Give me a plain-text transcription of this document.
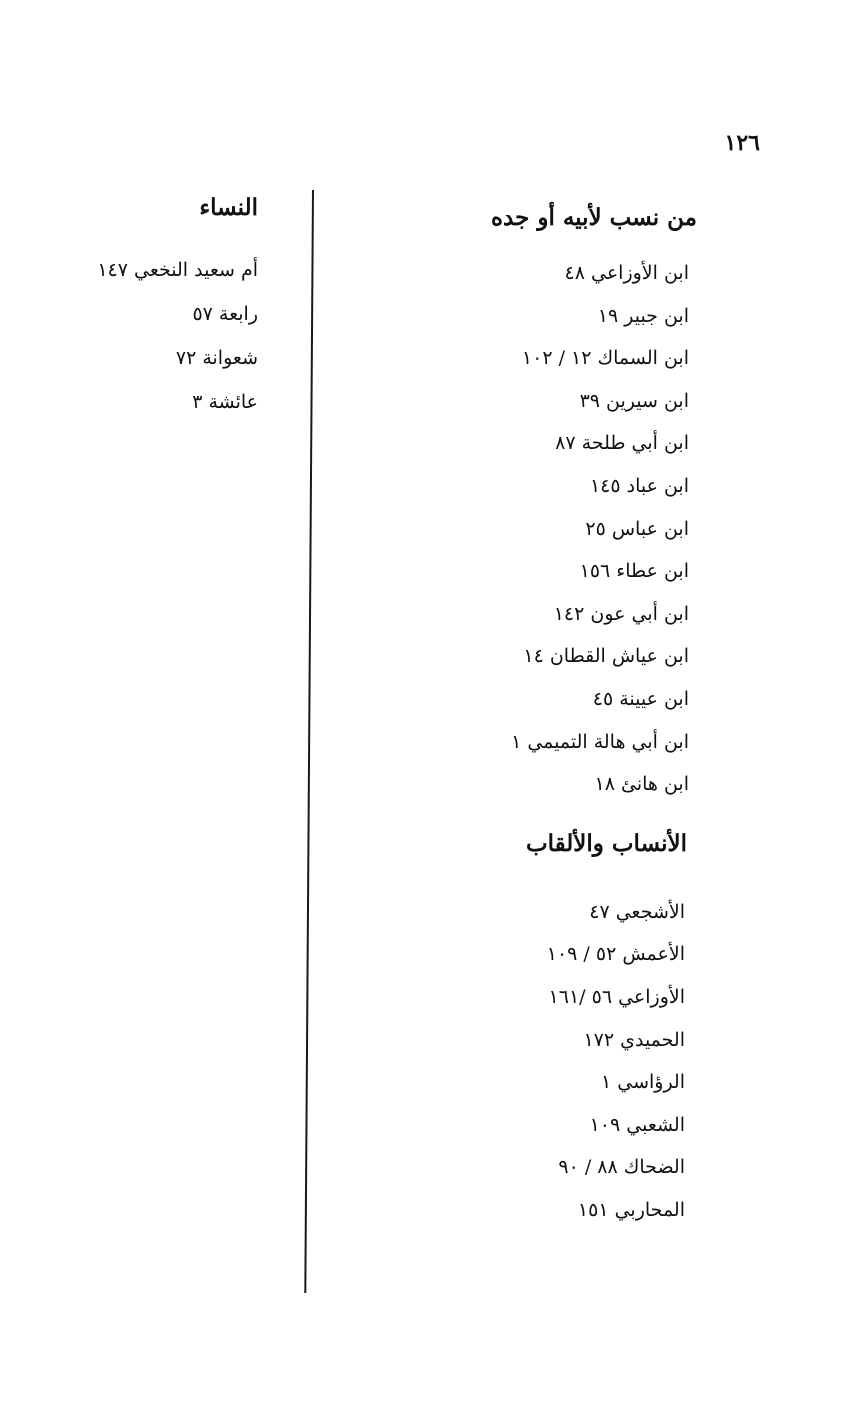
١٢٦
من نسب لأبيه أو جده
ابن الأوزاعي ٤٨
ابن جبير ١٩
ابن السماك ١٢ / ١٠٢
ابن سيرين ٣٩
ابن أبي طلحة ٨٧
ابن عباد ١٤٥
ابن عباس ٢٥
ابن عطاء ١٥٦
ابن أبي عون ١٤٢
ابن عياش القطان ١٤
ابن عيينة ٤٥
ابن أبي هالة التميمي ١
ابن هانئ ١٨
الأنساب والألقاب
الأشجعي ٤٧
الأعمش ٥٢ / ١٠٩
الأوزاعي ٥٦ /١٦١
الحميدي ١٧٢
الرؤاسي ١
الشعبي ١٠٩
الضحاك ٨٨ / ٩٠
المحاربي ١٥١
النساء
أم سعيد النخعي ١٤٧
رابعة ٥٧
شعوانة ٧٢
عائشة ٣
